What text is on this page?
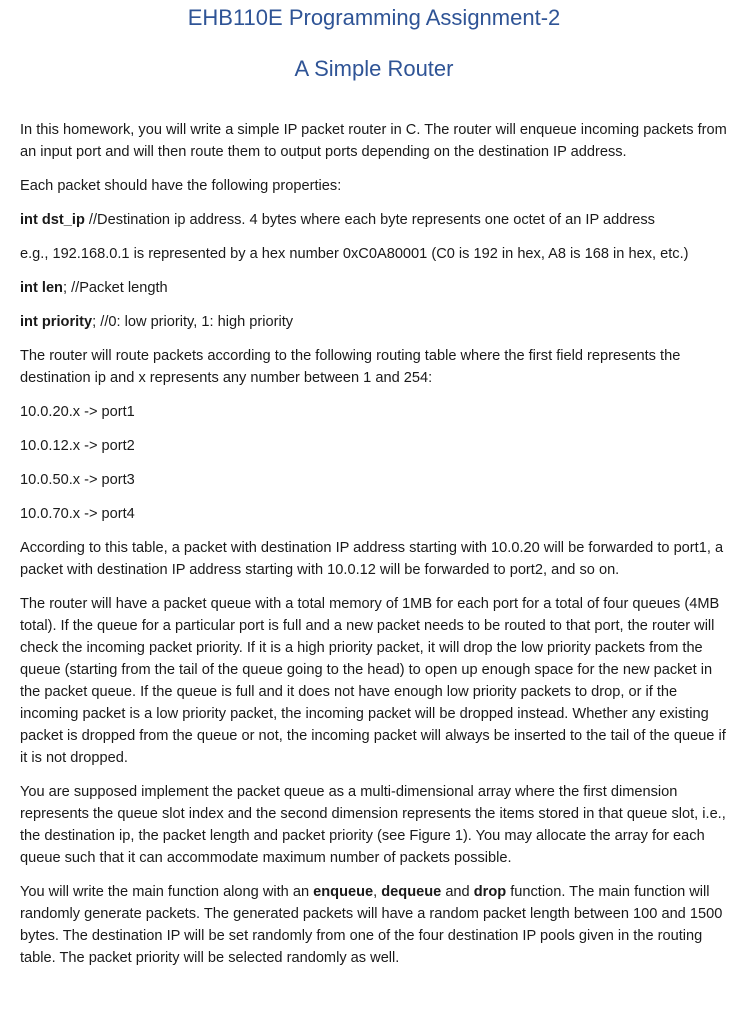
EHB110E Programming Assignment-2
A Simple Router

In this homework, you will write a simple IP packet router in C. The router will enqueue incoming packets from an input port and will then route them to output ports depending on the destination IP address.

Each packet should have the following properties:

int dst_ip //Destination ip address. 4 bytes where each byte represents one octet of an IP address

e.g., 192.168.0.1 is represented by a hex number 0xC0A80001 (C0 is 192 in hex, A8 is 168 in hex, etc.)

int len; //Packet length

int priority; //0: low priority, 1: high priority

The router will route packets according to the following routing table where the first field represents the destination ip and x represents any number between 1 and 254:

10.0.20.x -> port1

10.0.12.x -> port2

10.0.50.x -> port3

10.0.70.x -> port4

According to this table, a packet with destination IP address starting with 10.0.20 will be forwarded to port1, a packet with destination IP address starting with 10.0.12 will be forwarded to port2, and so on.

The router will have a packet queue with a total memory of 1MB for each port for a total of four queues (4MB total). If the queue for a particular port is full and a new packet needs to be routed to that port, the router will check the incoming packet priority. If it is a high priority packet, it will drop the low priority packets from the queue (starting from the tail of the queue going to the head) to open up enough space for the new packet in the packet queue. If the queue is full and it does not have enough low priority packets to drop, or if the incoming packet is a low priority packet, the incoming packet will be dropped instead. Whether any existing packet is dropped from the queue or not, the incoming packet will always be inserted to the tail of the queue if it is not dropped.

You are supposed implement the packet queue as a multi-dimensional array where the first dimension represents the queue slot index and the second dimension represents the items stored in that queue slot, i.e., the destination ip, the packet length and packet priority (see Figure 1). You may allocate the array for each queue such that it can accommodate maximum number of packets possible.

You will write the main function along with an enqueue, dequeue and drop function. The main function will randomly generate packets. The generated packets will have a random packet length between 100 and 1500 bytes. The destination IP will be set randomly from one of the four destination IP pools given in the routing table. The packet priority will be selected randomly as well.
